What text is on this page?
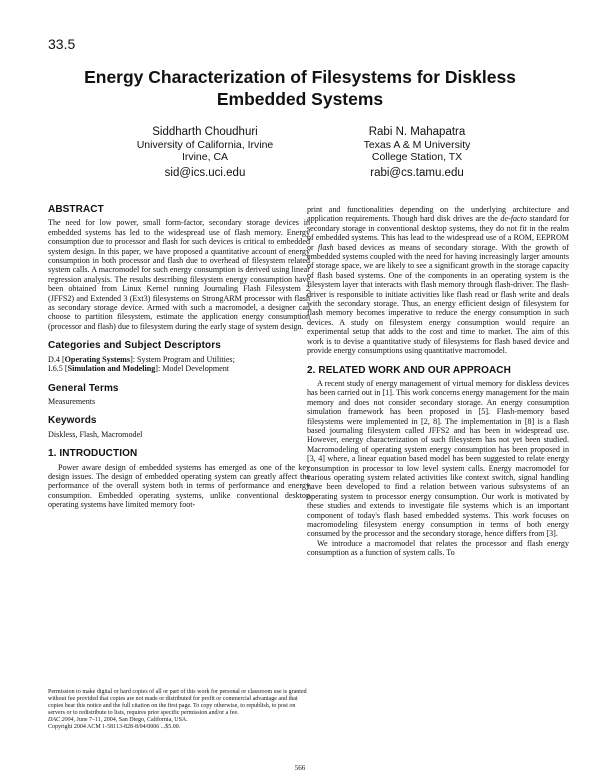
33.5
Energy Characterization of Filesystems for Diskless
Embedded Systems
Siddharth Choudhuri
University of California, Irvine
Irvine, CA
sid@ics.uci.edu
Rabi N. Mahapatra
Texas A & M University
College Station, TX
rabi@cs.tamu.edu
ABSTRACT

The need for low power, small form-factor, secondary storage devices in embedded systems has led to the widespread use of flash memory. Energy consumption due to processor and flash for such devices is critical to embedded system design. In this paper, we have proposed a quantitative account of energy consumption in both processor and flash due to overhead of filesystem related system calls. A macromodel for such energy consumption is derived using linear regression analysis. The results describing filesystem energy consumption have been obtained from Linux Kernel running Journaling Flash Filesystem 2 (JFFS2) and Extended 3 (Ext3) filesystems on StrongARM processor with flash as secondary storage device. Armed with such a macromodel, a designer can choose to partition filesystem, estimate the application energy consumption (processor and flash) due to filesystem during the early stage of system design.

Categories and Subject Descriptors

D.4 [Operating Systems]: System Program and Utilities;
I.6.5 [Simulation and Modeling]: Model Development

General Terms

Measurements

Keywords

Diskless, Flash, Macromodel

1. INTRODUCTION

Power aware design of embedded systems has emerged as one of the key design issues. The design of embedded operating system can greatly affect the performance of the overall system both in terms of performance and energy consumption. Embedded operating systems, unlike conventional desktop operating systems have limited memory foot-

Permission to make digital or hard copies of all or part of this work for personal or classroom use is granted without fee provided that copies are not made or distributed for profit or commercial advantage and that copies bear this notice and the full citation on the first page. To copy otherwise, to republish, to post on servers or to redistribute to lists, requires prior specific permission and/or a fee.

DAC 2004, June 7–11, 2004, San Diego, California, USA.

Copyright 2004 ACM 1-58113-828-8/04/0006 ...$5.00.

print and functionalities depending on the underlying architecture and application requirements. Though hard disk drives are the de-facto standard for secondary storage in conventional desktop systems, they do not fit in the realm of embedded systems. This has lead to the widespread use of a ROM, EEPROM or flash based devices as means of secondary storage. With the growth of embedded systems coupled with the need for having increasingly larger amounts of storage space, we are likely to see a significant growth in the storage capacity of flash based systems. One of the components in an operating system is the filesystem layer that interacts with flash memory through flash-driver. The flash-driver is responsible to initiate activities like flash read or flash write and deals with the secondary storage. Thus, an energy efficient design of filesystem for flash memory becomes imperative to reduce the energy consumption in such devices. A study on filesystem energy consumption would require an experimental setup that adds to the cost and time to market. The aim of this work is to devise a quantitative study of filesystems for flash based device and provide energy consumptions using quantitative macromodel.

2. RELATED WORK AND OUR APPROACH

A recent study of energy management of virtual memory for diskless devices has been carried out in [1]. This work concerns energy management for the main memory and does not consider secondary storage. An energy consumption simulation framework has been proposed in [5]. Flash-memory based filesystems were implemented in [2, 8]. The implementation in [8] is a flash based journaling filesystem called JFFS2 and has been in widespread use. However, energy characterization of such filesystem has not yet been studied. Macromodeling of operating system energy consumption has been proposed in [3, 4] where, a linear equation based model has been suggested to relate energy consumption in processor to low level system calls. Energy macromodel for various operating system related activities like context switch, signal handling have been developed to find a relation between various subsystems of an operating system to processor energy consumption. Our work is motivated by these studies and extends to investigate file systems which is an important component of today's flash based embedded systems. This work focuses on macromodeling filesystem energy consumption in terms of both energy consumed by the processor and the secondary storage, hence differs from [3].

We introduce a macromodel that relates the processor and flash energy consumption as a function of system calls. To

566
